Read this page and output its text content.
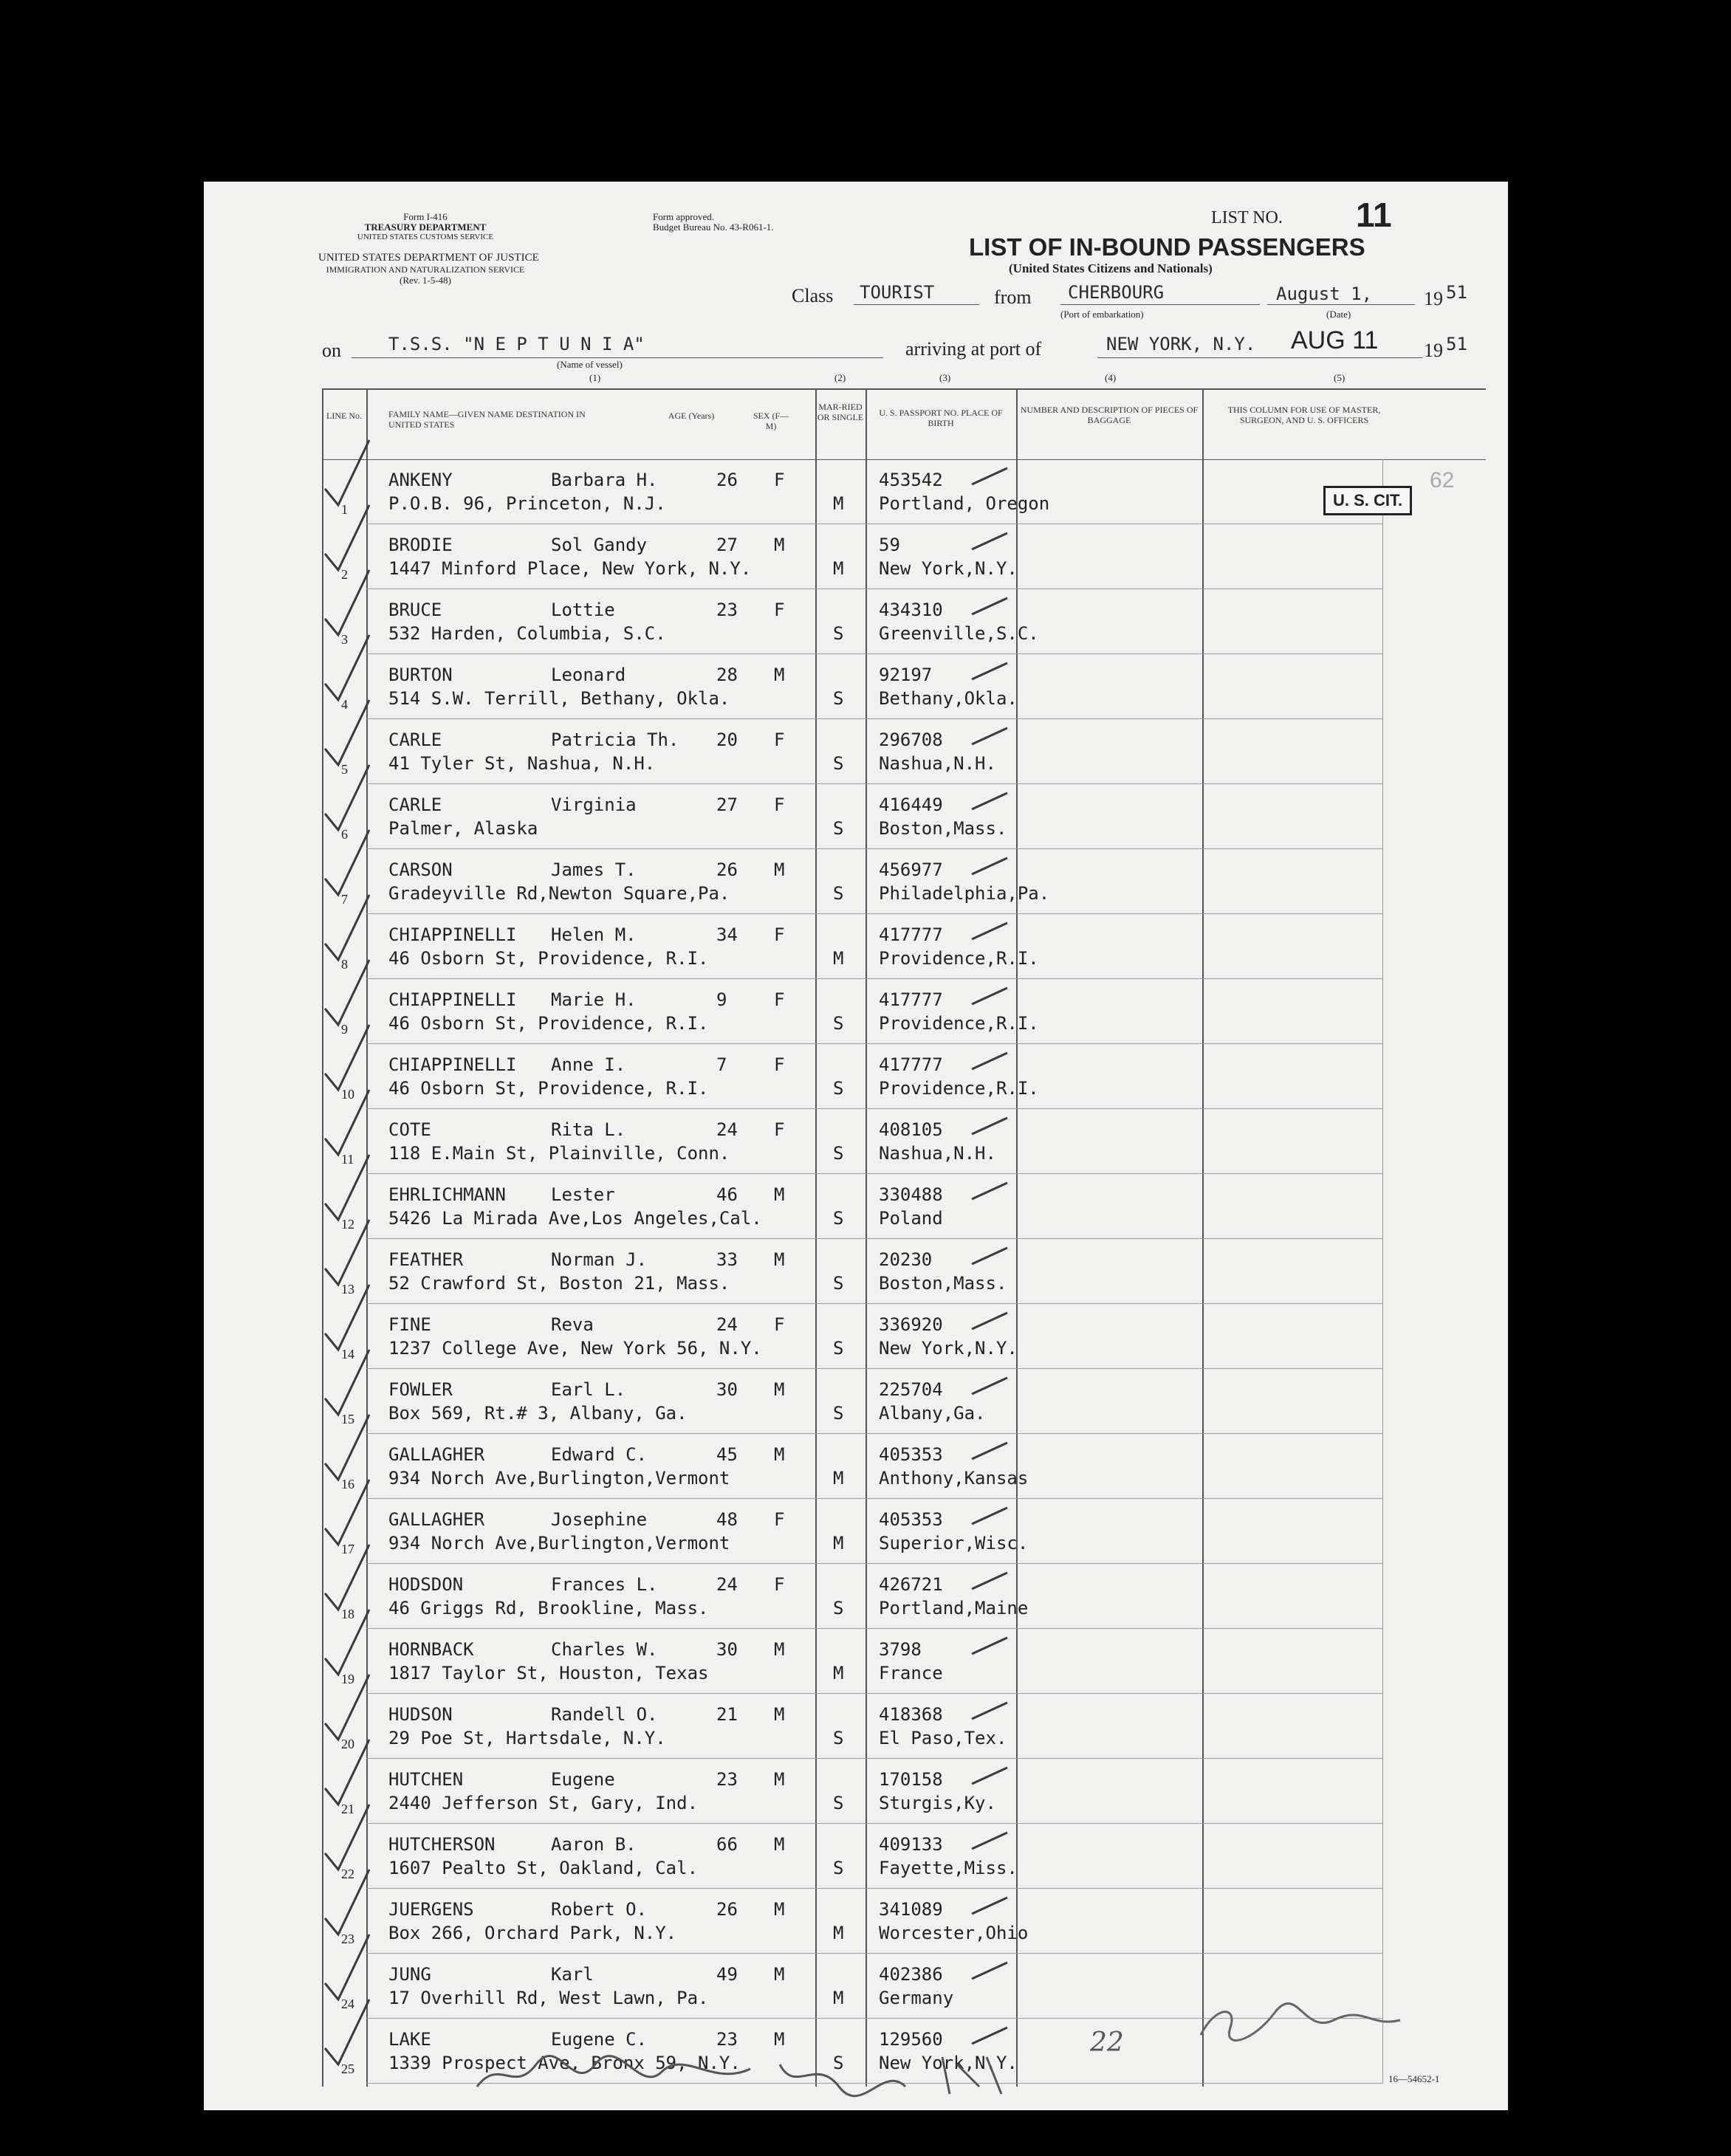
Form I-416
TREASURY DEPARTMENT
UNITED STATES CUSTOMS SERVICE
UNITED STATES DEPARTMENT OF JUSTICE
IMMIGRATION AND NATURALIZATION SERVICE
(Rev. 1-5-48)
Form approved.
Budget Bureau No. 43-R061-1.	LIST NO. 11
LIST OF IN-BOUND PASSENGERS
(United States Citizens and Nationals)
Class TOURIST	from CHERBOURG
(Port of embarkation)
August 1,
(Date)
19 51
on	T.S.S. "N E P T U N I A"
(Name of vessel)
arriving at port of	NEW YORK, N.Y. AUG 11 19 51
(1)	(2)	(3)	(4)	(5)
LINE No.	FAMILY NAME—GIVEN NAME DESTINATION IN UNITED STATES
AGE (Years)	SEX (F—M)
MAR-RIED OR SINGLE	U. S. PASSPORT NO. PLACE OF BIRTH
NUMBER AND DESCRIPTION OF PIECES OF BAGGAGE
THIS COLUMN FOR USE OF MASTER, SURGEON, AND U. S. OFFICERS
U. S. CIT.
62
1
ANKENY	Barbara H.	26 F
P.O.B. 96, Princeton, N.J.	M
453542
Portland, Oregon
2
BRODIE	Sol Gandy	27 M
1447 Minford Place, New York, N.Y.	M
59
New York,N.Y.
3
BRUCE	Lottie	23 F
532 Harden, Columbia, S.C.	S
434310
Greenville,S.C.
4
BURTON	Leonard	28 M
514 S.W. Terrill, Bethany, Okla.	S
92197
Bethany,Okla.
5
CARLE	Patricia Th. 20 F
41 Tyler St, Nashua, N.H.	S
296708
Nashua,N.H.
6
CARLE	Virginia	27 F
Palmer, Alaska	S
416449
Boston,Mass.
7
CARSON	James T.	26 M
Gradeyville Rd,Newton Square,Pa.	S
456977
Philadelphia,Pa.
8
CHIAPPINELLI Helen M.	34 F
46 Osborn St, Providence, R.I.	M
417777
Providence,R.I.
9
CHIAPPINELLI Marie H.	9	F
46 Osborn St, Providence, R.I.	S
417777
Providence,R.I.
10
CHIAPPINELLI Anne I.	7	F
46 Osborn St, Providence, R.I.	S
417777
Providence,R.I.
11
COTE	Rita L.	24 F
118 E.Main St, Plainville, Conn.	S
408105
Nashua,N.H.
12
EHRLICHMANN	Lester	46 M
5426 La Mirada Ave,Los Angeles,Cal.	S
330488
Poland
13
FEATHER	Norman J.	33 M
52 Crawford St, Boston 21, Mass.	S
20230
Boston,Mass.
14
FINE	Reva	24 F
1237 College Ave, New York 56, N.Y.	S
336920
New York,N.Y.
15
FOWLER	Earl L.	30 M
Box 569, Rt.# 3, Albany, Ga.	S
225704
Albany,Ga.
16
GALLAGHER	Edward C.	45 M
934 Norch Ave,Burlington,Vermont	M
405353
Anthony,Kansas
17
GALLAGHER	Josephine	48 F
934 Norch Ave,Burlington,Vermont	M
405353
Superior,Wisc.
18
HODSDON	Frances L.	24 F
46 Griggs Rd, Brookline, Mass.	S
426721
Portland,Maine
19
HORNBACK	Charles W.	30 M
1817 Taylor St, Houston, Texas	M
3798
France
20
HUDSON	Randell O.	21 M
29 Poe St, Hartsdale, N.Y.	S
418368
El Paso,Tex.
21
HUTCHEN	Eugene	23 M
2440 Jefferson St, Gary, Ind.	S
170158
Sturgis,Ky.
22
HUTCHERSON	Aaron B.	66 M
1607 Pealto St, Oakland, Cal.	S
409133
Fayette,Miss.
23
JUERGENS	Robert O.	26 M
Box 266, Orchard Park, N.Y.	M
341089
Worcester,Ohio
24
JUNG	Karl	49 M
17 Overhill Rd, West Lawn, Pa.	M
402386
Germany
25
LAKE	Eugene C.	23 M
1339 Prospect Ave, Bronx 59, N.Y.	S
129560
New York,N.Y.
16—54652-1
22
